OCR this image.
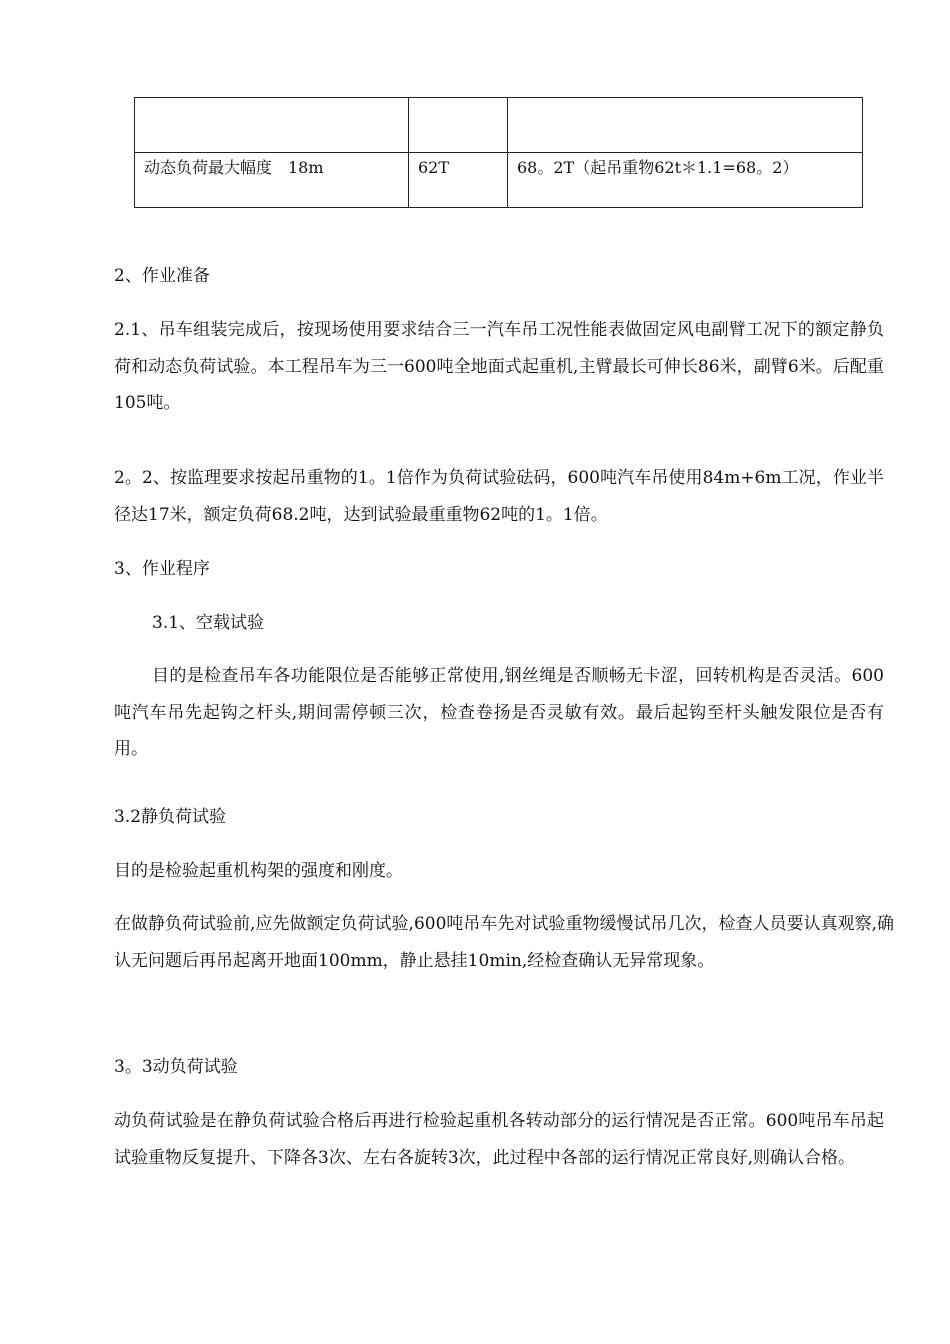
动态负荷最大幅度　18m	62T	68。2T（起吊重物62t＊1.1=68。2）

2、作业准备

2.1、吊车组装完成后，按现场使用要求结合三一汽车吊工况性能表做固定风电副臂工况下的额定静负荷和动态负荷试验。本工程吊车为三一600吨全地面式起重机,主臂最长可伸长86米，副臂6米。后配重105吨。

2。2、按监理要求按起吊重物的1。1倍作为负荷试验砝码，600吨汽车吊使用84m+6m工况，作业半径达17米，额定负荷68.2吨，达到试验最重重物62吨的1。1倍。

3、作业程序

3.1、空载试验

目的是检查吊车各功能限位是否能够正常使用,钢丝绳是否顺畅无卡涩，回转机构是否灵活。600吨汽车吊先起钩之杆头,期间需停顿三次，检查卷扬是否灵敏有效。最后起钩至杆头触发限位是否有用。

3.2静负荷试验

目的是检验起重机构架的强度和刚度。

在做静负荷试验前,应先做额定负荷试验,600吨吊车先对试验重物缓慢试吊几次，检查人员要认真观察,确认无问题后再吊起离开地面100mm，静止悬挂10min,经检查确认无异常现象。

3。3动负荷试验

动负荷试验是在静负荷试验合格后再进行检验起重机各转动部分的运行情况是否正常。600吨吊车吊起试验重物反复提升、下降各3次、左右各旋转3次，此过程中各部的运行情况正常良好,则确认合格。
